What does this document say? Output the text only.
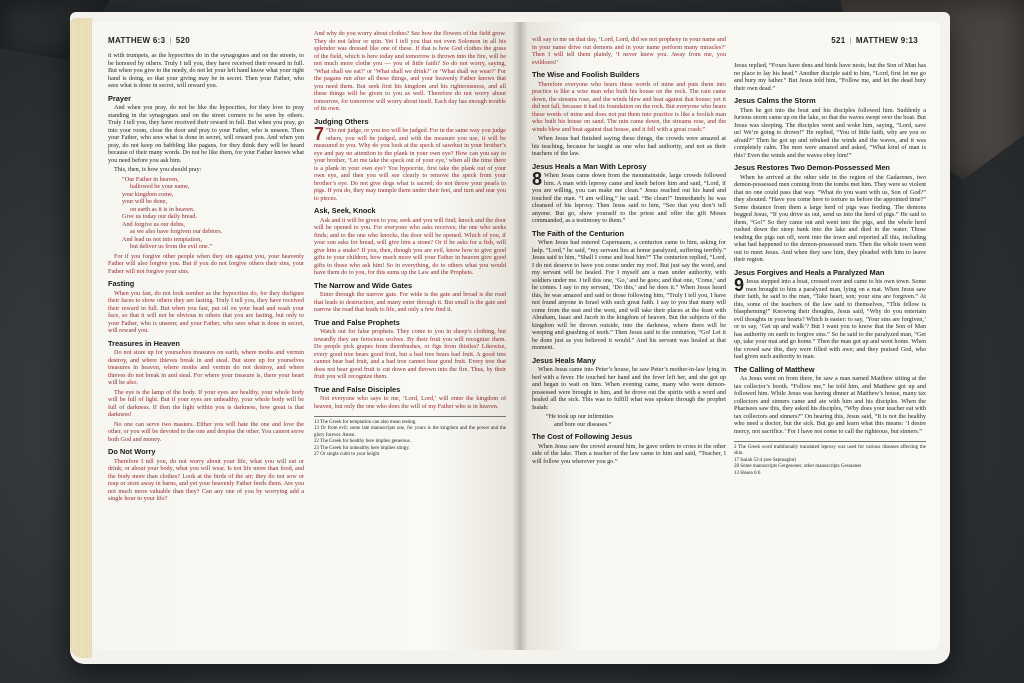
MATTHEW 6:3 | 520

it with trumpets, as the hypocrites do in the synagogues and on the streets, to be honored by others. Truly I tell you, they have received their reward in full. But when you give to the needy, do not let your left hand know what your right hand is doing, so that your giving may be in secret. Then your Father, who sees what is done in secret, will reward you.

Prayer

And when you pray, do not be like the hypocrites, for they love to pray standing in the synagogues and on the street corners to be seen by others. Truly I tell you, they have received their reward in full. But when you pray, go into your room, close the door and pray to your Father, who is unseen. Then your Father, who sees what is done in secret, will reward you. And when you pray, do not keep on babbling like pagans, for they think they will be heard because of their many words. Do not be like them, for your Father knows what you need before you ask him.

This, then, is how you should pray:

“Our Father in heaven,

hallowed be your name,

your kingdom come,

your will be done,

on earth as it is in heaven.

Give us today our daily bread.

And forgive us our debts,

as we also have forgiven our debtors.

And lead us not into temptation,

but deliver us from the evil one.”

For if you forgive other people when they sin against you, your heavenly Father will also forgive you. But if you do not forgive others their sins, your Father will not forgive your sins.

Fasting

When you fast, do not look somber as the hypocrites do, for they disfigure their faces to show others they are fasting. Truly I tell you, they have received their reward in full. But when you fast, put oil on your head and wash your face, so that it will not be obvious to others that you are fasting, but only to your Father, who is unseen; and your Father, who sees what is done in secret, will reward you.

Treasures in Heaven

Do not store up for yourselves treasures on earth, where moths and vermin destroy, and where thieves break in and steal. But store up for yourselves treasures in heaven, where moths and vermin do not destroy, and where thieves do not break in and steal. For where your treasure is, there your heart will be also.

The eye is the lamp of the body. If your eyes are healthy, your whole body will be full of light. But if your eyes are unhealthy, your whole body will be full of darkness. If then the light within you is darkness, how great is that darkness!

No one can serve two masters. Either you will hate the one and love the other, or you will be devoted to the one and despise the other. You cannot serve both God and money.

Do Not Worry

Therefore I tell you, do not worry about your life, what you will eat or drink; or about your body, what you will wear. Is not life more than food, and the body more than clothes? Look at the birds of the air; they do not sow or reap or store away in barns, and yet your heavenly Father feeds them. Are you not much more valuable than they? Can any one of you by worrying add a single hour to your life?

And why do you worry about clothes? See how the flowers of the field grow. They do not labor or spin. Yet I tell you that not even Solomon in all his splendor was dressed like one of these. If that is how God clothes the grass of the field, which is here today and tomorrow is thrown into the fire, will he not much more clothe you — you of little faith? So do not worry, saying, ‘What shall we eat?’ or ‘What shall we drink?’ or ‘What shall we wear?’ For the pagans run after all these things, and your heavenly Father knows that you need them. But seek first his kingdom and his righteousness, and all these things will be given to you as well. Therefore do not worry about tomorrow, for tomorrow will worry about itself. Each day has enough trouble of its own.

Judging Others

7 “Do not judge, or you too will be judged. For in the same way you judge others, you will be judged, and with the measure you use, it will be measured to you. Why do you look at the speck of sawdust in your brother’s eye and pay no attention to the plank in your own eye? How can you say to your brother, ‘Let me take the speck out of your eye,’ when all the time there is a plank in your own eye? You hypocrite, first take the plank out of your own eye, and then you will see clearly to remove the speck from your brother’s eye. Do not give dogs what is sacred; do not throw your pearls to pigs. If you do, they may trample them under their feet, and turn and tear you to pieces.

Ask, Seek, Knock

Ask and it will be given to you; seek and you will find; knock and the door will be opened to you. For everyone who asks receives; the one who seeks finds; and to the one who knocks, the door will be opened. Which of you, if your son asks for bread, will give him a stone? Or if he asks for a fish, will give him a snake? If you, then, though you are evil, know how to give good gifts to your children, how much more will your Father in heaven give good gifts to those who ask him! So in everything, do to others what you would have them do to you, for this sums up the Law and the Prophets.

The Narrow and Wide Gates

Enter through the narrow gate. For wide is the gate and broad is the road that leads to destruction, and many enter through it. But small is the gate and narrow the road that leads to life, and only a few find it.

True and False Prophets

Watch out for false prophets. They come to you in sheep’s clothing, but inwardly they are ferocious wolves. By their fruit you will recognize them. Do people pick grapes from thornbushes, or figs from thistles? Likewise, every good tree bears good fruit, but a bad tree bears bad fruit. A good tree cannot bear bad fruit, and a bad tree cannot bear good fruit. Every tree that does not bear good fruit is cut down and thrown into the fire. Thus, by their fruit you will recognize them.

True and False Disciples

Not everyone who says to me, ‘Lord, Lord,’ will enter the kingdom of heaven, but only the one who does the will of my Father who is in heaven.

13 The Greek for temptation can also mean testing.
13 Or from evil; some late manuscripts one, for yours is the kingdom and the power and the glory forever. Amen.
22 The Greek for healthy here implies generous.
23 The Greek for unhealthy here implies stingy.
27 Or single cubit to your height
521 | MATTHEW 9:13

will say to me on that day, ‘Lord, Lord, did we not prophesy in your name and in your name drive out demons and in your name perform many miracles?’ Then I will tell them plainly, ‘I never knew you. Away from me, you evildoers!’

The Wise and Foolish Builders

Therefore everyone who hears these words of mine and puts them into practice is like a wise man who built his house on the rock. The rain came down, the streams rose, and the winds blew and beat against that house; yet it did not fall, because it had its foundation on the rock. But everyone who hears these words of mine and does not put them into practice is like a foolish man who built his house on sand. The rain came down, the streams rose, and the winds blew and beat against that house, and it fell with a great crash.”

When Jesus had finished saying these things, the crowds were amazed at his teaching, because he taught as one who had authority, and not as their teachers of the law.

Jesus Heals a Man With Leprosy

8 When Jesus came down from the mountainside, large crowds followed him. A man with leprosy came and knelt before him and said, “Lord, if you are willing, you can make me clean.” Jesus reached out his hand and touched the man. “I am willing,” he said. “Be clean!” Immediately he was cleansed of his leprosy. Then Jesus said to him, “See that you don’t tell anyone. But go, show yourself to the priest and offer the gift Moses commanded, as a testimony to them.”

The Faith of the Centurion

When Jesus had entered Capernaum, a centurion came to him, asking for help. “Lord,” he said, “my servant lies at home paralyzed, suffering terribly.” Jesus said to him, “Shall I come and heal him?” The centurion replied, “Lord, I do not deserve to have you come under my roof. But just say the word, and my servant will be healed. For I myself am a man under authority, with soldiers under me. I tell this one, ‘Go,’ and he goes; and that one, ‘Come,’ and he comes. I say to my servant, ‘Do this,’ and he does it.” When Jesus heard this, he was amazed and said to those following him, “Truly I tell you, I have not found anyone in Israel with such great faith. I say to you that many will come from the east and the west, and will take their places at the feast with Abraham, Isaac and Jacob in the kingdom of heaven. But the subjects of the kingdom will be thrown outside, into the darkness, where there will be weeping and gnashing of teeth.” Then Jesus said to the centurion, “Go! Let it be done just as you believed it would.” And his servant was healed at that moment.

Jesus Heals Many

When Jesus came into Peter’s house, he saw Peter’s mother-in-law lying in bed with a fever. He touched her hand and the fever left her, and she got up and began to wait on him. When evening came, many who were demon-possessed were brought to him, and he drove out the spirits with a word and healed all the sick. This was to fulfill what was spoken through the prophet Isaiah:

“He took up our infirmities

and bore our diseases.”

The Cost of Following Jesus

When Jesus saw the crowd around him, he gave orders to cross to the other side of the lake. Then a teacher of the law came to him and said, “Teacher, I will follow you wherever you go.”

Jesus replied, “Foxes have dens and birds have nests, but the Son of Man has no place to lay his head.” Another disciple said to him, “Lord, first let me go and bury my father.” But Jesus told him, “Follow me, and let the dead bury their own dead.”

Jesus Calms the Storm

Then he got into the boat and his disciples followed him. Suddenly a furious storm came up on the lake, so that the waves swept over the boat. But Jesus was sleeping. The disciples went and woke him, saying, “Lord, save us! We’re going to drown!” He replied, “You of little faith, why are you so afraid?” Then he got up and rebuked the winds and the waves, and it was completely calm. The men were amazed and asked, “What kind of man is this? Even the winds and the waves obey him!”

Jesus Restores Two Demon-Possessed Men

When he arrived at the other side in the region of the Gadarenes, two demon-possessed men coming from the tombs met him. They were so violent that no one could pass that way. “What do you want with us, Son of God?” they shouted. “Have you come here to torture us before the appointed time?” Some distance from them a large herd of pigs was feeding. The demons begged Jesus, “If you drive us out, send us into the herd of pigs.” He said to them, “Go!” So they came out and went into the pigs, and the whole herd rushed down the steep bank into the lake and died in the water. Those tending the pigs ran off, went into the town and reported all this, including what had happened to the demon-possessed men. Then the whole town went out to meet Jesus. And when they saw him, they pleaded with him to leave their region.

Jesus Forgives and Heals a Paralyzed Man

9 Jesus stepped into a boat, crossed over and came to his own town. Some men brought to him a paralyzed man, lying on a mat. When Jesus saw their faith, he said to the man, “Take heart, son; your sins are forgiven.” At this, some of the teachers of the law said to themselves, “This fellow is blaspheming!” Knowing their thoughts, Jesus said, “Why do you entertain evil thoughts in your hearts? Which is easier: to say, ‘Your sins are forgiven,’ or to say, ‘Get up and walk’? But I want you to know that the Son of Man has authority on earth to forgive sins.” So he said to the paralyzed man, “Get up, take your mat and go home.” Then the man got up and went home. When the crowd saw this, they were filled with awe; and they praised God, who had given such authority to man.

The Calling of Matthew

As Jesus went on from there, he saw a man named Matthew sitting at the tax collector’s booth. “Follow me,” he told him, and Matthew got up and followed him. While Jesus was having dinner at Matthew’s house, many tax collectors and sinners came and ate with him and his disciples. When the Pharisees saw this, they asked his disciples, “Why does your teacher eat with tax collectors and sinners?” On hearing this, Jesus said, “It is not the healthy who need a doctor, but the sick. But go and learn what this means: ‘I desire mercy, not sacrifice.’ For I have not come to call the righteous, but sinners.”

2 The Greek word traditionally translated leprosy was used for various diseases affecting the skin.
17 Isaiah 53:4 (see Septuagint)
28 Some manuscripts Gergesenes; other manuscripts Gerasenes
13 Hosea 6:6
